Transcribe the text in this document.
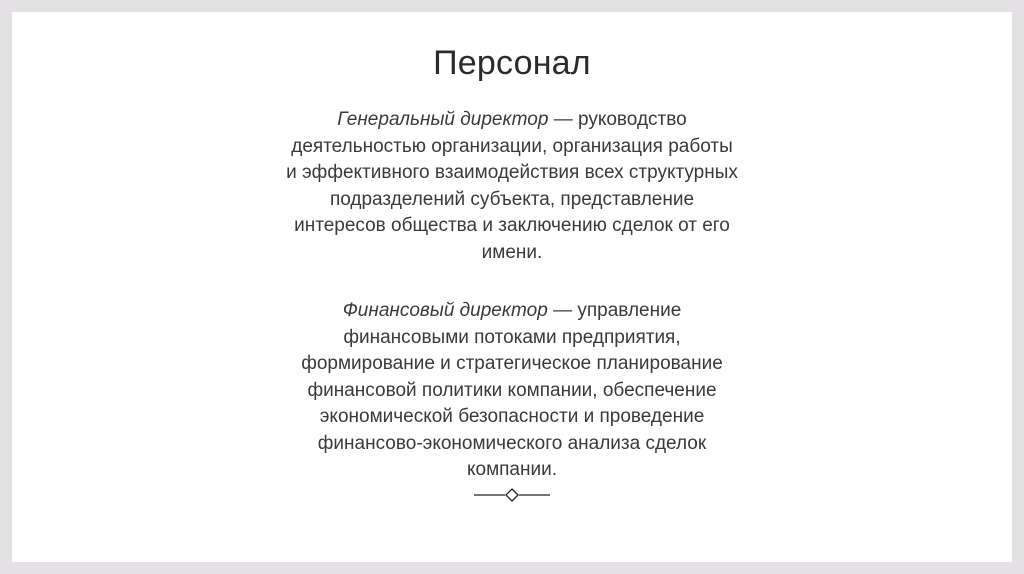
Персонал
Генеральный директор — руководство
деятельностью организации, организация работы
и эффективного взаимодействия всех структурных
подразделений субъекта, представление
интересов общества и заключению сделок от его
имени.
Финансовый директор — управление
финансовыми потоками предприятия,
формирование и стратегическое планирование
финансовой политики компании, обеспечение
экономической безопасности и проведение
финансово-экономического анализа сделок
компании.
